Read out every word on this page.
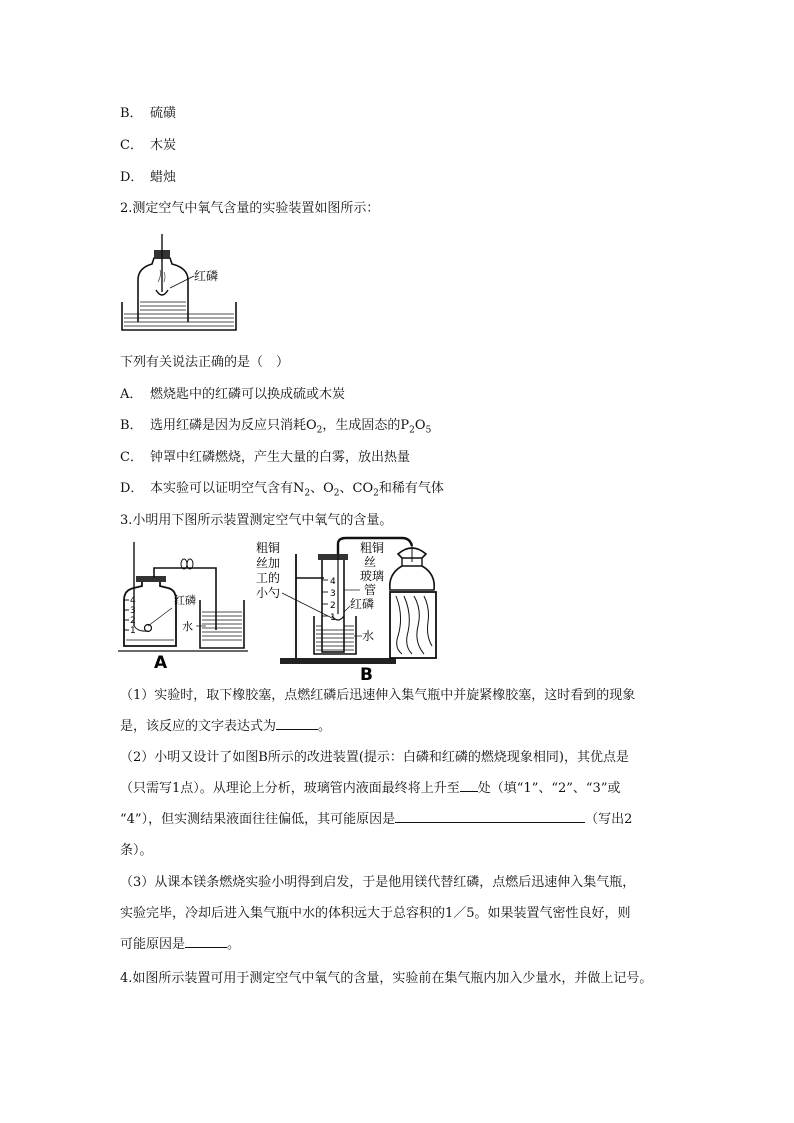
B． 硫磺
C． 木炭
D． 蜡烛
2.测定空气中氧气含量的实验装置如图所示：
红磷
下列有关说法正确的是（　）
A． 燃烧匙中的红磷可以换成硫或木炭
B． 选用红磷是因为反应只消耗$O_2$，生成固态的$P_2O_5$
C． 钟罩中红磷燃烧，产生大量的白雾，放出热量
D． 本实验可以证明空气含有$N_2$、$O_2$、$CO_2$和稀有气体
3.小明用下图所示装置测定空气中氧气的含量。
4
3
2
1
红磷
水
A
粗铜
丝加
工的
小勺
4
3
2
1
粗铜
丝
玻璃
管
红磷
水
B
（1）实验时，取下橡胶塞，点燃红磷后迅速伸入集气瓶中并旋紧橡胶塞，这时看到的现象
是，该反应的文字表达式为	。
（2）小明又设计了如图B所示的改进装置(提示：白磷和红磷的燃烧现象相同)，其优点是
（只需写1点）。从理论上分析，玻璃管内液面最终将上升至 处（填“1”、“2”、“3”或
“4”），但实测结果液面往往偏低，其可能原因是	（写出2
条）。
（3）从课本镁条燃烧实验小明得到启发，于是他用镁代替红磷，点燃后迅速伸入集气瓶，
实验完毕，冷却后进入集气瓶中水的体积远大于总容积的1／5。如果装置气密性良好，则
可能原因是	。
4.如图所示装置可用于测定空气中氧气的含量，实验前在集气瓶内加入少量水，并做上记号。
